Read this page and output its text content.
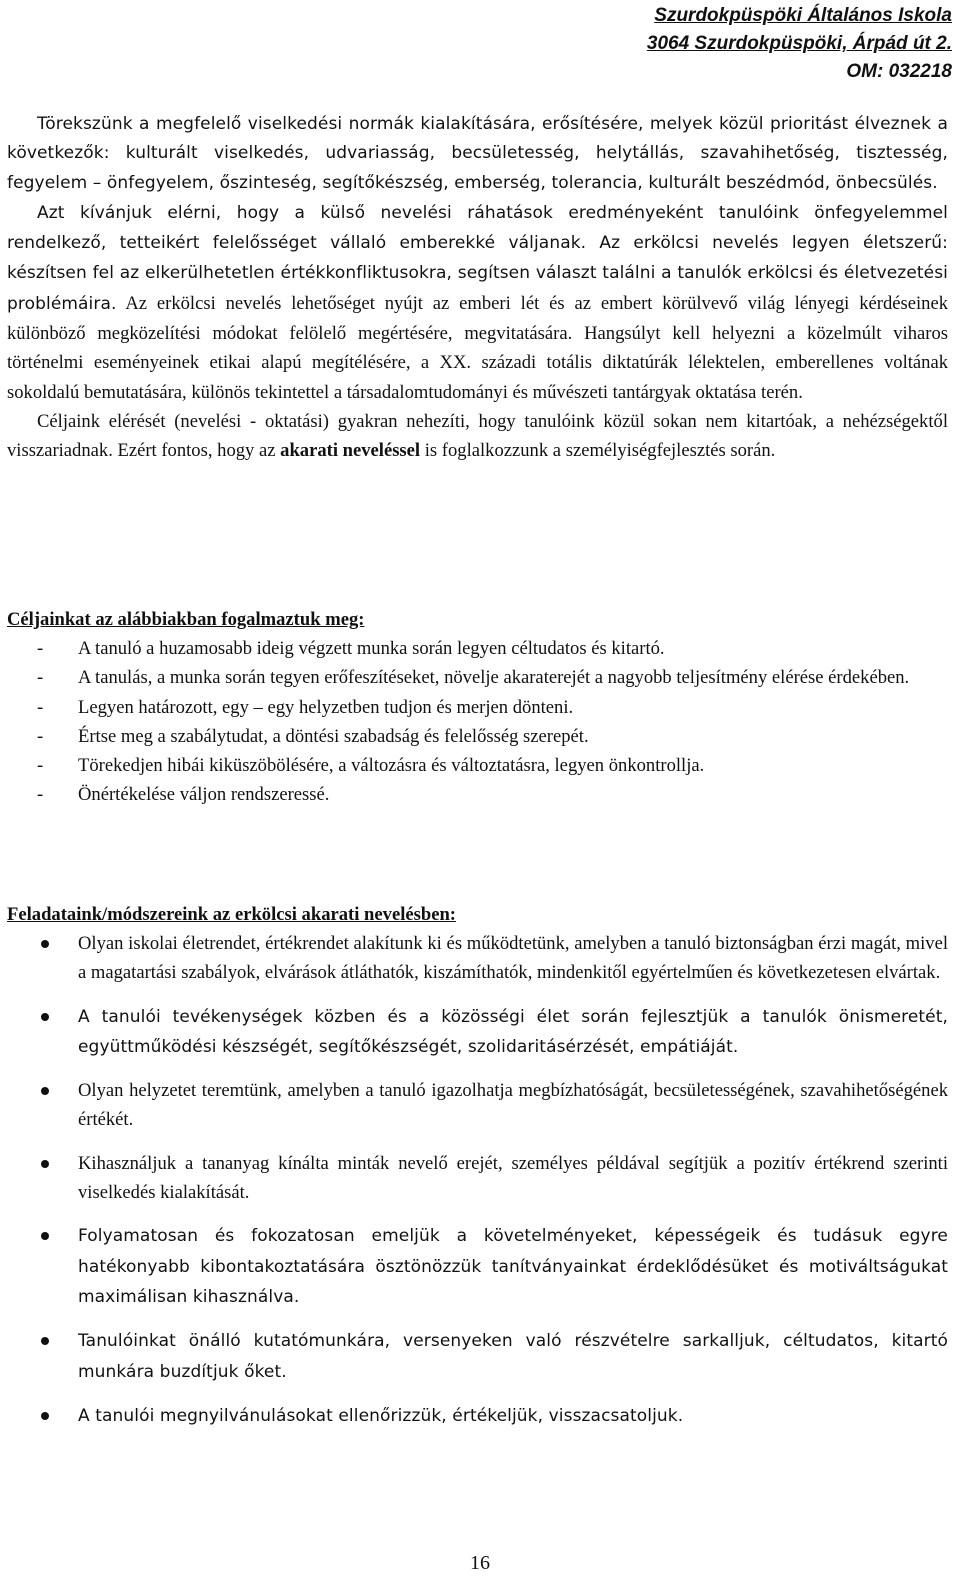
Szurdokpüspöki Általános Iskola
3064 Szurdokpüspöki, Árpád út 2.
OM: 032218

Törekszünk a megfelelő viselkedési normák kialakítására, erősítésére, melyek közül prioritást élveznek a következők: kulturált viselkedés, udvariasság, becsületesség, helytállás, szavahihetőség, tisztesség, fegyelem – önfegyelem, őszinteség, segítőkészség, emberség, tolerancia, kulturált beszédmód, önbecsülés.

Azt kívánjuk elérni, hogy a külső nevelési ráhatások eredményeként tanulóink önfegyelemmel rendelkező, tetteikért felelősséget vállaló emberekké váljanak. Az erkölcsi nevelés legyen életszerű: készítsen fel az elkerülhetetlen értékkonfliktusokra, segítsen választ találni a tanulók erkölcsi és életvezetési problémáira. Az erkölcsi nevelés lehetőséget nyújt az emberi lét és az embert körülvevő világ lényegi kérdéseinek különböző megközelítési módokat felölelő megértésére, megvitatására. Hangsúlyt kell helyezni a közelmúlt viharos történelmi eseményeinek etikai alapú megítélésére, a XX. századi totális diktatúrák lélektelen, emberellenes voltának sokoldalú bemutatására, különös tekintettel a társadalomtudományi és művészeti tantárgyak oktatása terén.

Céljaink elérését (nevelési - oktatási) gyakran nehezíti, hogy tanulóink közül sokan nem kitartóak, a nehézségektől visszariadnak. Ezért fontos, hogy az akarati neveléssel is foglalkozzunk a személyiségfejlesztés során.

Céljainkat az alábbiakban fogalmaztuk meg:
- A tanuló a huzamosabb ideig végzett munka során legyen céltudatos és kitartó.
- A tanulás, a munka során tegyen erőfeszítéseket, növelje akaraterejét a nagyobb teljesítmény elérése érdekében.
- Legyen határozott, egy – egy helyzetben tudjon és merjen dönteni.
- Értse meg a szabálytudat, a döntési szabadság és felelősség szerepét.
- Törekedjen hibái kiküszöbölésére, a változásra és változtatásra, legyen önkontrollja.
- Önértékelése váljon rendszeressé.
Feladataink/módszereink az erkölcsi akarati nevelésben:
Olyan iskolai életrendet, értékrendet alakítunk ki és működtetünk, amelyben a tanuló biztonságban érzi magát, mivel a magatartási szabályok, elvárások átláthatók, kiszámíthatók, mindenkitől egyértelműen és következetesen elvártak.
A tanulói tevékenységek közben és a közösségi élet során fejlesztjük a tanulók önismeretét, együttműködési készségét, segítőkészségét, szolidaritásérzését, empátiáját.
Olyan helyzetet teremtünk, amelyben a tanuló igazolhatja megbízhatóságát, becsületességének, szavahihetőségének értékét.
Kihasználjuk a tananyag kínálta minták nevelő erejét, személyes példával segítjük a pozitív értékrend szerinti viselkedés kialakítását.
Folyamatosan és fokozatosan emeljük a követelményeket, képességeik és tudásuk egyre hatékonyabb kibontakoztatására ösztönözzük tanítványainkat érdeklődésüket és motiváltságukat maximálisan kihasználva.
Tanulóinkat önálló kutatómunkára, versenyeken való részvételre sarkalljuk, céltudatos, kitartó munkára buzdítjuk őket.
A tanulói megnyilvánulásokat ellenőrizzük, értékeljük, visszacsatoljuk.
16
